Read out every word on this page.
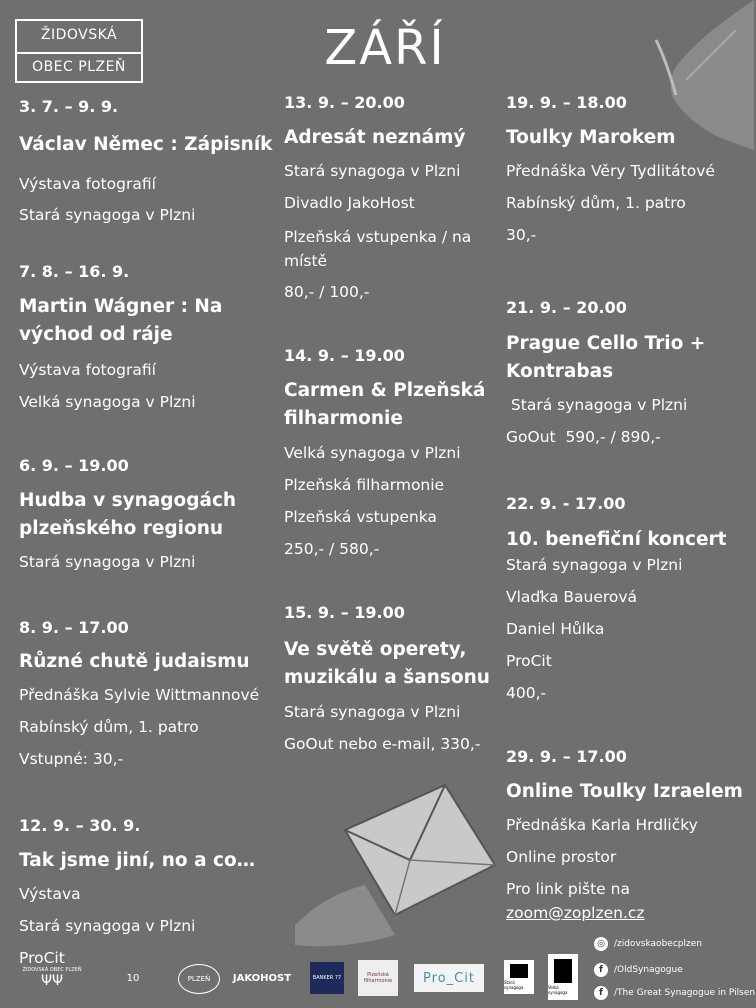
ŽIDOVSKÁ
OBEC PLZEŇ	ZÁŘÍ
3. 7. – 9. 9.
Václav Němec : Zápisník
Výstava fotografií
Stará synagoga v Plzni
7. 8. – 16. 9.
Martin Wágner : Na východ od ráje
Výstava fotografií
Velká synagoga v Plzni
6. 9. – 19.00
Hudba v synagogách plzeňského regionu
Stará synagoga v Plzni
8. 9. – 17.00
Různé chutě judaismu
Přednáška Sylvie Wittmannové
Rabínský dům, 1. patro
Vstupné: 30,-
12. 9. – 30. 9.
Tak jsme jiní, no a co…
Výstava
Stará synagoga v Plzni
ProCit
13. 9. – 20.00
Adresát neznámý
Stará synagoga v Plzni
Divadlo JakoHost
Plzeňská vstupenka / na místě
80,- / 100,-
14. 9. – 19.00
Carmen & Plzeňská filharmonie
Velká synagoga v Plzni
Plzeňská filharmonie
Plzeňská vstupenka
250,- / 580,-
15. 9. – 19.00
Ve světě operety, muzikálu a šansonu
Stará synagoga v Plzni
GoOut nebo e-mail, 330,-
19. 9. – 18.00
Toulky Marokem
Přednáška Věry Tydlitátové
Rabínský dům, 1. patro
30,-
21. 9. – 20.00
Prague Cello Trio + Kontrabas
Stará synagoga v Plzni
GoOut  590,- / 890,-
22. 9. - 17.00
10. benefiční koncert
Stará synagoga v Plzni
Vlaďka Bauerová
Daniel Hůlka
ProCit
400,-
29. 9. – 17.00
Online Toulky Izraelem
Přednáška Karla Hrdličky
Online prostor
Pro link pište na
zoom@zoplzen.cz
ŽIDOVSKÁ OBEC PLZEŇ
ΨΨ	10	PLZEŇ	JAKOHOST	BANKER 77	Plzeňská filharmonie	Pro_Cit	Stará synagoga	Velká synagoga
◎	/zidovskaobecplzen
f	/OldSynagogue
f	/The Great Synagogue in Pilsen
